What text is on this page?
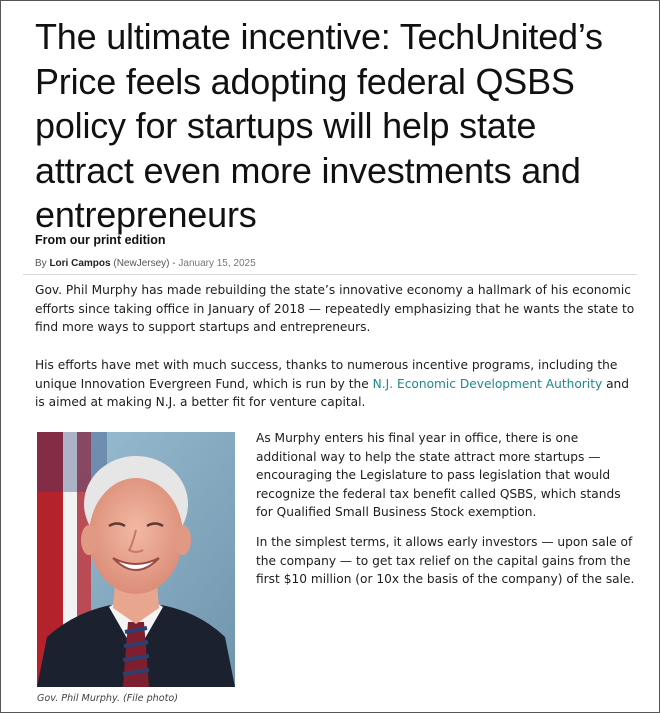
The ultimate incentive: TechUnited’s
Price feels adopting federal QSBS
policy for startups will help state
attract even more investments and
entrepreneurs
From our print edition
By Lori Campos (NewJersey) - January 15, 2025

Gov. Phil Murphy has made rebuilding the state’s innovative economy a hallmark of his economic
efforts since taking office in January of 2018 — repeatedly emphasizing that he wants the state to
find more ways to support startups and entrepreneurs.

His efforts have met with much success, thanks to numerous incentive programs, including the
unique Innovation Evergreen Fund, which is run by the N.J. Economic Development Authority and
is aimed at making N.J. a better fit for venture capital.

Gov. Phil Murphy. (File photo)

As Murphy enters his final year in office, there is one
additional way to help the state attract more startups —
encouraging the Legislature to pass legislation that would
recognize the federal tax benefit called QSBS, which stands
for Qualified Small Business Stock exemption.

In the simplest terms, it allows early investors — upon sale of
the company — to get tax relief on the capital gains from the
first $10 million (or 10x the basis of the company) of the sale.
